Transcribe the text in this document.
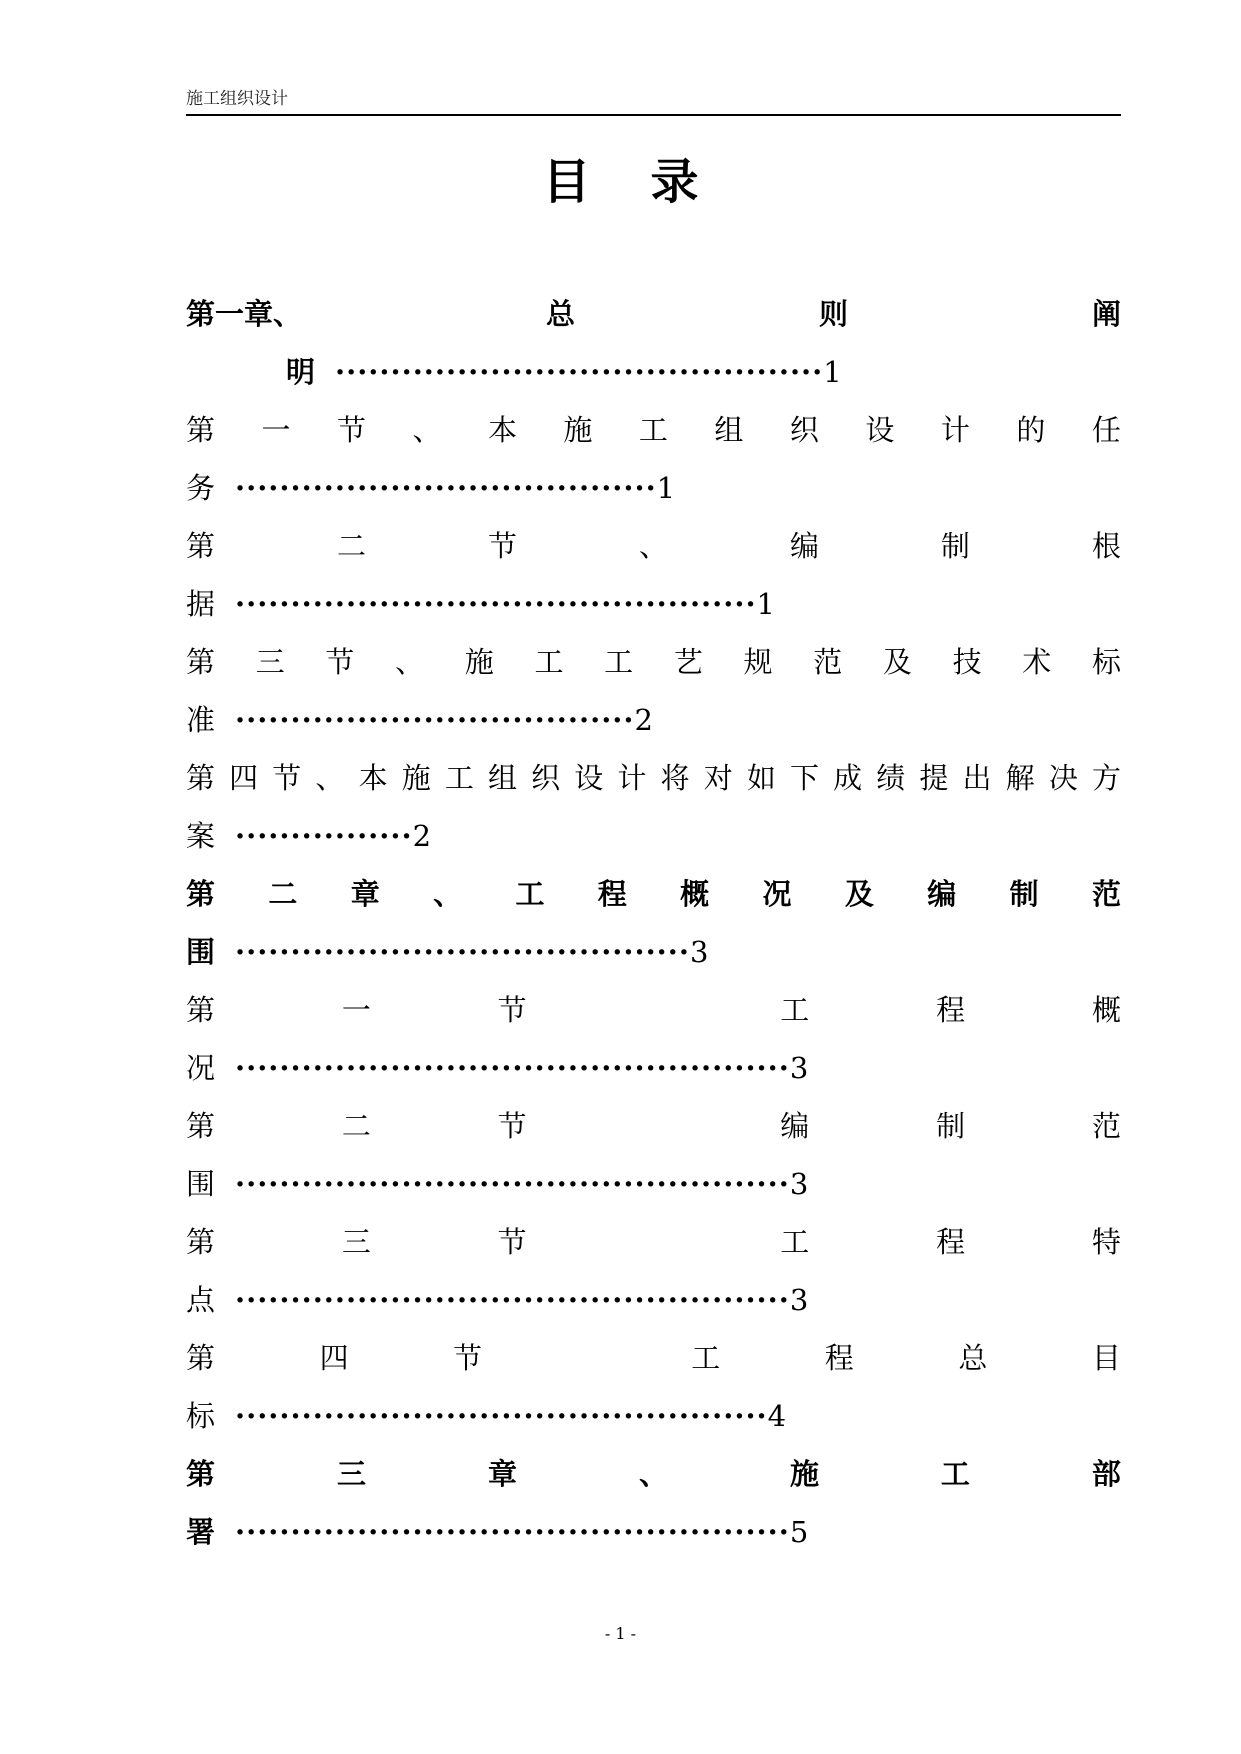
施工组织设计
目录
第一章、	总	则	阐
明 ············································ 1
第 一 节 、 本 施 工 组 织 设 计 的 任
务 ······································ 1
第	二	节	、	编	制	根
据 ··············································· 1
第 三 节 、 施 工 工 艺 规 范 及 技 术 标
准 ···································· 2
第 四 节 、 本 施 工 组 织 设 计 将 对 如 下 成 绩 提 出 解 决 方
案 ················ 2
第 二 章 、 工 程 概 况 及 编 制 范
围 ········································· 3
第	一	节	工	程	概
况 ·················································· 3
第	二	节	编	制	范
围 ·················································· 3
第	三	节	工	程	特
点 ·················································· 3
第	四	节	工	程	总	目
标 ················································ 4
第	三	章	、	施	工	部
署 ·················································· 5
- 1 -
